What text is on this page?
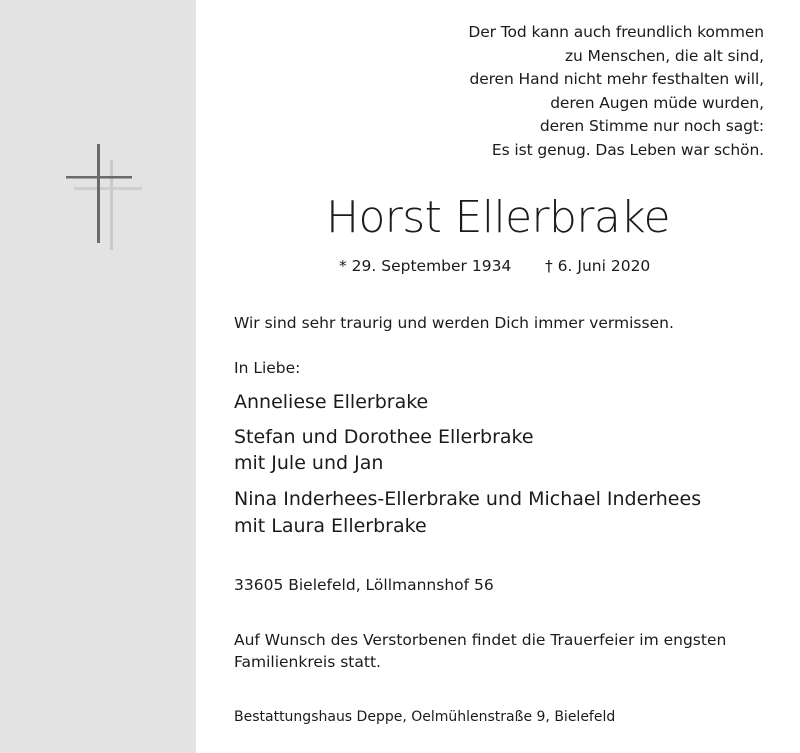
Der Tod kann auch freundlich kommen
zu Menschen, die alt sind,
deren Hand nicht mehr festhalten will,
deren Augen müde wurden,
deren Stimme nur noch sagt:
Es ist genug. Das Leben war schön.
Horst Ellerbrake
* 29. September 1934 † 6. Juni 2020
Wir sind sehr traurig und werden Dich immer vermissen.
In Liebe:
Anneliese Ellerbrake
Stefan und Dorothee Ellerbrake
mit Jule und Jan
Nina Inderhees-Ellerbrake und Michael Inderhees
mit Laura Ellerbrake
33605 Bielefeld, Löllmannshof 56
Auf Wunsch des Verstorbenen findet die Trauerfeier im engsten
Familienkreis statt.
Bestattungshaus Deppe, Oelmühlenstraße 9, Bielefeld
